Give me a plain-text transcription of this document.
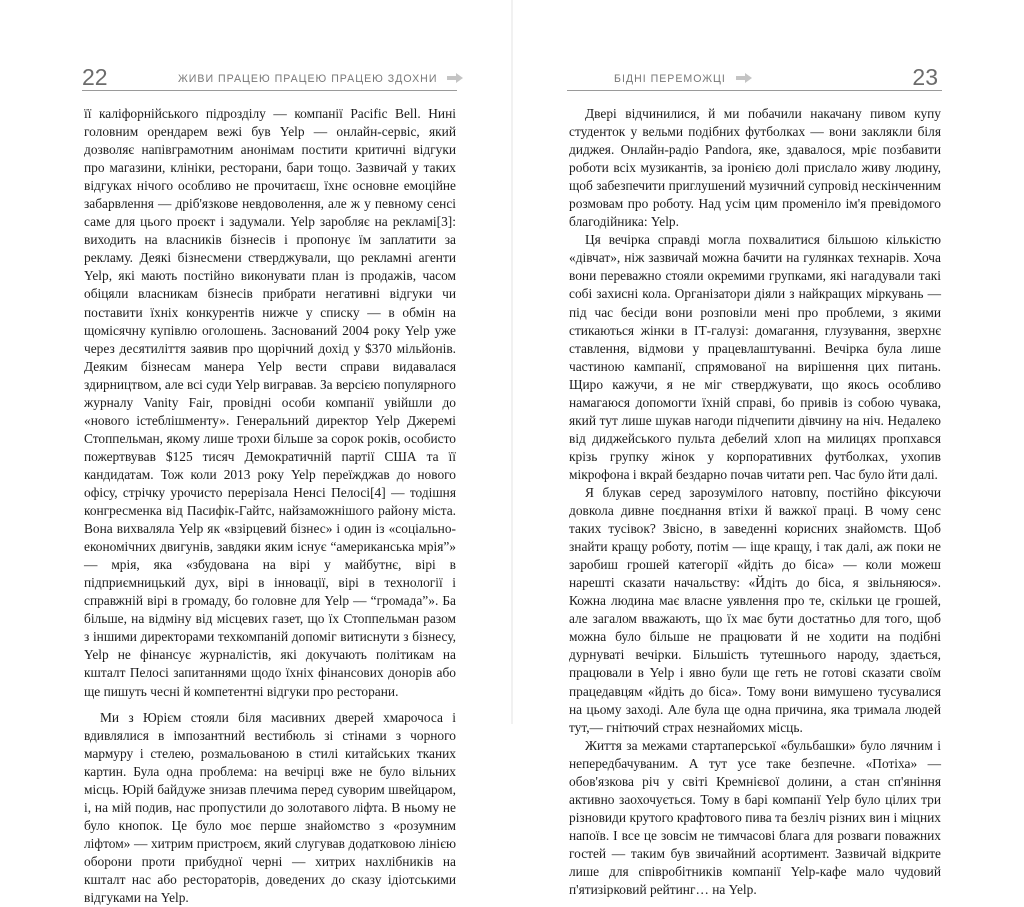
22	ЖИВИ ПРАЦЕЮ ПРАЦЕЮ ПРАЦЕЮ ЗДОХНИ

її каліфорнійського підрозділу — компанії Pacific Bell. Нині головним орендарем вежі був Yelp — онлайн-сервіс, який дозволяє напівграмотним анонімам постити критичні відгуки про магазини, клініки, ресторани, бари тощо. Зазвичай у таких відгуках нічого особливо не прочитаєш, їхнє основне емоційне забарвлення — дріб'язкове невдоволення, але ж у певному сенсі саме для цього проєкт і задумали. Yelp заробляє на рекламі[3]: виходить на власників бізнесів і пропонує їм заплатити за рекламу. Деякі бізнесмени стверджували, що рекламні агенти Yelp, які мають постійно виконувати план із продажів, часом обіцяли власникам бізнесів прибрати негативні відгуки чи поставити їхніх конкурентів нижче у списку — в обмін на щомісячну купівлю оголошень. Заснований 2004 року Yelp уже через десятиліття заявив про щорічний дохід у $370 мільйонів. Деяким бізнесам манера Yelp вести справи видавалася здирництвом, але всі суди Yelp вигравав. За версією популярного журналу Vanity Fair, провідні особи компанії увійшли до «нового істеблішменту». Генеральний директор Yelp Джеремі Стоппельман, якому лише трохи більше за сорок років, особисто пожертвував $125 тисяч Демократичній партії США та її кандидатам. Тож коли 2013 року Yelp переїжджав до нового офісу, стрічку урочисто перерізала Ненсі Пелосі[4] — тодішня конгресменка від Пасифік-Гайтс, найзаможнішого району міста. Вона вихваляла Yelp як «взірцевий бізнес» і один із «соціально-економічних двигунів, завдяки яким існує “американська мрія”» — мрія, яка «збудована на вірі у майбутнє, вірі в підприємницький дух, вірі в інновації, вірі в технології і справжній вірі в громаду, бо головне для Yelp — “громада”». Ба більше, на відміну від місцевих газет, що їх Стоппельман разом з іншими директорами техкомпаній допоміг витиснути з бізнесу, Yelp не фінансує журналістів, які докучають політикам на кшталт Пелосі запитаннями щодо їхніх фінансових донорів або ще пишуть чесні й компетентні відгуки про ресторани.

Ми з Юрієм стояли біля масивних дверей хмарочоса і вдивлялися в імпозантний вестибюль зі стінами з чорного мармуру і стелею, розмальованою в стилі китайських тканих картин. Була одна проблема: на вечірці вже не було вільних місць. Юрій байдуже знизав плечима перед суворим швейцаром, і, на мій подив, нас пропустили до золотавого ліфта. В ньому не було кнопок. Це було моє перше знайомство з «розумним ліфтом» — хитрим пристроєм, який слугував додатковою лінією оборони проти прибудної черні — хитрих нахлібників на кшталт нас або рестораторів, доведених до сказу ідіотськими відгуками на Yelp.

БІДНІ ПЕРЕМОЖЦІ	23

Двері відчинилися, й ми побачили накачану пивом купу студенток у вельми подібних футболках — вони заклякли біля диджея. Онлайн-радіо Pandora, яке, здавалося, мріє позбавити роботи всіх музикантів, за іронією долі прислало живу людину, щоб забезпечити приглушений музичний супровід нескінченним розмовам про роботу. Над усім цим променіло ім'я превідомого благодійника: Yelp.

Ця вечірка справді могла похвалитися більшою кількістю «дівчат», ніж зазвичай можна бачити на гулянках технарів. Хоча вони переважно стояли окремими групками, які нагадували такі собі захисні кола. Організатори діяли з найкращих міркувань — під час бесіди вони розповіли мені про проблеми, з якими стикаються жінки в ІТ-галузі: домагання, глузування, зверхнє ставлення, відмови у працевлаштуванні. Вечірка була лише частиною кампанії, спрямованої на вирішення цих питань. Щиро кажучи, я не міг стверджувати, що якось особливо намагаюся допомогти їхній справі, бо привів із собою чувака, який тут лише шукав нагоди підчепити дівчину на ніч. Недалеко від диджейського пульта дебелий хлоп на милицях пропхався крізь групку жінок у корпоративних футболках, ухопив мікрофона і вкрай бездарно почав читати реп. Час було йти далі.

Я блукав серед зарозумілого натовпу, постійно фіксуючи довкола дивне поєднання втіхи й важкої праці. В чому сенс таких тусівок? Звісно, в заведенні корисних знайомств. Щоб знайти кращу роботу, потім — іще кращу, і так далі, аж поки не заробиш грошей категорії «йдіть до біса» — коли можеш нарешті сказати начальству: «Йдіть до біса, я звільняюся». Кожна людина має власне уявлення про те, скільки це грошей, але загалом вважають, що їх має бути достатньо для того, щоб можна було більше не працювати й не ходити на подібні дурнуваті вечірки. Більшість тутешнього народу, здається, працювали в Yelp і явно були ще геть не готові сказати своїм працедавцям «йдіть до біса». Тому вони вимушено тусувалися на цьому заході. Але була ще одна причина, яка тримала людей тут,— гнітючий страх незнайомих місць.

Життя за межами стартаперської «бульбашки» було лячним і непередбачуваним. А тут усе таке безпечне. «Потіха» — обов'язкова річ у світі Кремнієвої долини, а стан сп'яніння активно заохочується. Тому в барі компанії Yelp було цілих три різновиди крутого крафтового пива та безліч різних вин і міцних напоїв. І все це зовсім не тимчасові блага для розваги поважних гостей — таким був звичайний асортимент. Зазвичай відкрите лише для співробітників компанії Yelp-кафе мало чудовий п'ятизірковий рейтинг… на Yelp.
